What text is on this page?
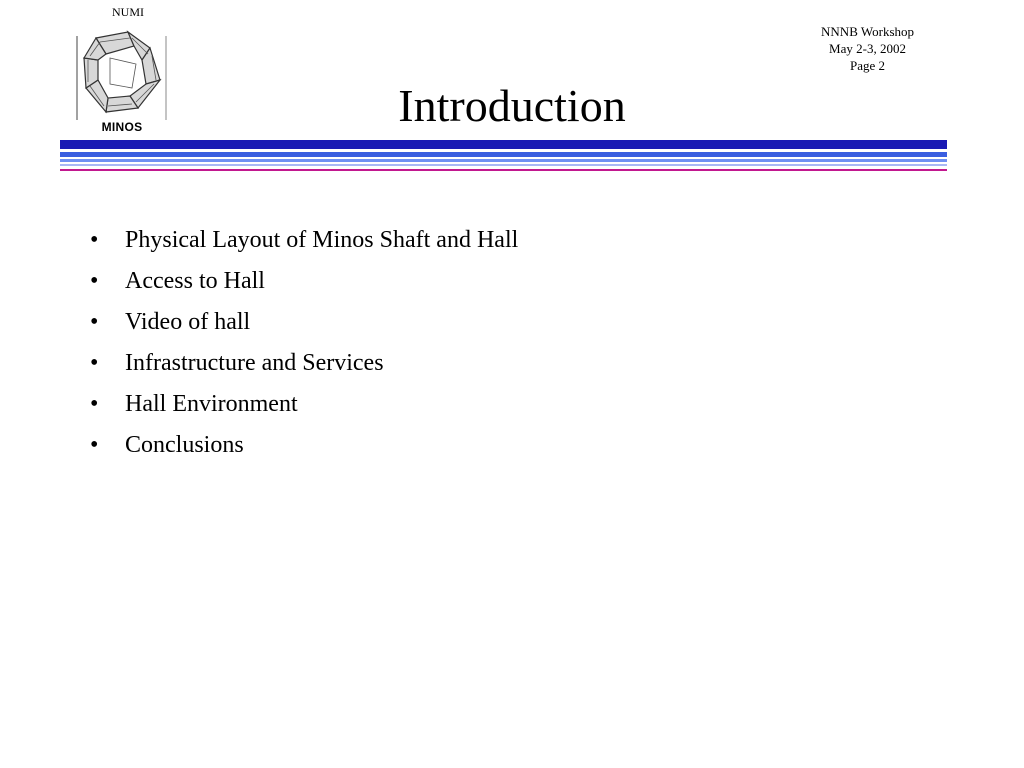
NUMI
MINOS
NNNB Workshop
May 2-3, 2002
Page 2
Introduction
• Physical Layout of Minos Shaft and Hall
• Access to Hall
• Video of hall
• Infrastructure and Services
• Hall Environment
• Conclusions
